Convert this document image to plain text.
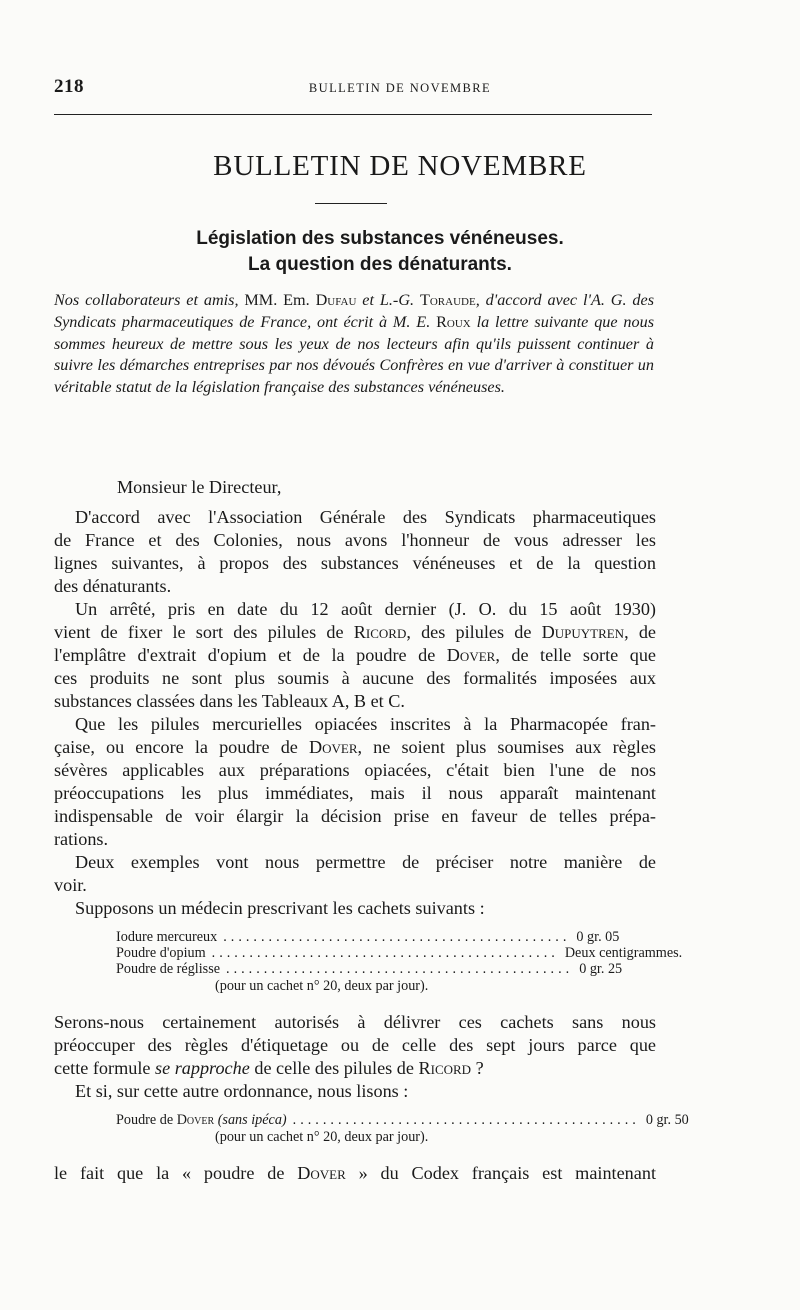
218	BULLETIN DE NOVEMBRE
BULLETIN DE NOVEMBRE
Législation des substances vénéneuses.
La question des dénaturants.
Nos collaborateurs et amis, MM. Em. Dufau et L.-G. Toraude, d'accord avec l'A. G. des Syndicats pharmaceutiques de France, ont écrit à M. E. Roux la lettre suivante que nous sommes heureux de mettre sous les yeux de nos lecteurs afin qu'ils puissent continuer à suivre les démarches entreprises par nos dévoués Confrères en vue d'arriver à constituer un véritable statut de la législation française des substances vénéneuses.
Monsieur le Directeur,
D'accord avec l'Association Générale des Syndicats pharmaceutiques
de France et des Colonies, nous avons l'honneur de vous adresser les
lignes suivantes, à propos des substances vénéneuses et de la question
des dénaturants.
Un arrêté, pris en date du 12 août dernier (J. O. du 15 août 1930)
vient de fixer le sort des pilules de Ricord, des pilules de Dupuytren, de
l'emplâtre d'extrait d'opium et de la poudre de Dover, de telle sorte que
ces produits ne sont plus soumis à aucune des formalités imposées aux
substances classées dans les Tableaux A, B et C.
Que les pilules mercurielles opiacées inscrites à la Pharmacopée fran-
çaise, ou encore la poudre de Dover, ne soient plus soumises aux règles
sévères applicables aux préparations opiacées, c'était bien l'une de nos
préoccupations les plus immédiates, mais il nous apparaît maintenant
indispensable de voir élargir la décision prise en faveur de telles prépa-
rations.
Deux exemples vont nous permettre de préciser notre manière de
voir.
Supposons un médecin prescrivant les cachets suivants :
Iodure mercureux .............................................. 0 gr. 05
Poudre d'opium .............................................. Deux centigrammes.
Poudre de réglisse .............................................. 0 gr. 25
(pour un cachet n° 20, deux par jour).
Serons-nous certainement autorisés à délivrer ces cachets sans nous
préoccuper des règles d'étiquetage ou de celle des sept jours parce que
cette formule se rapproche de celle des pilules de Ricord ?
Et si, sur cette autre ordonnance, nous lisons :
Poudre de Dover (sans ipéca) .............................................. 0 gr. 50
(pour un cachet n° 20, deux par jour).
le fait que la « poudre de Dover » du Codex français est maintenant
